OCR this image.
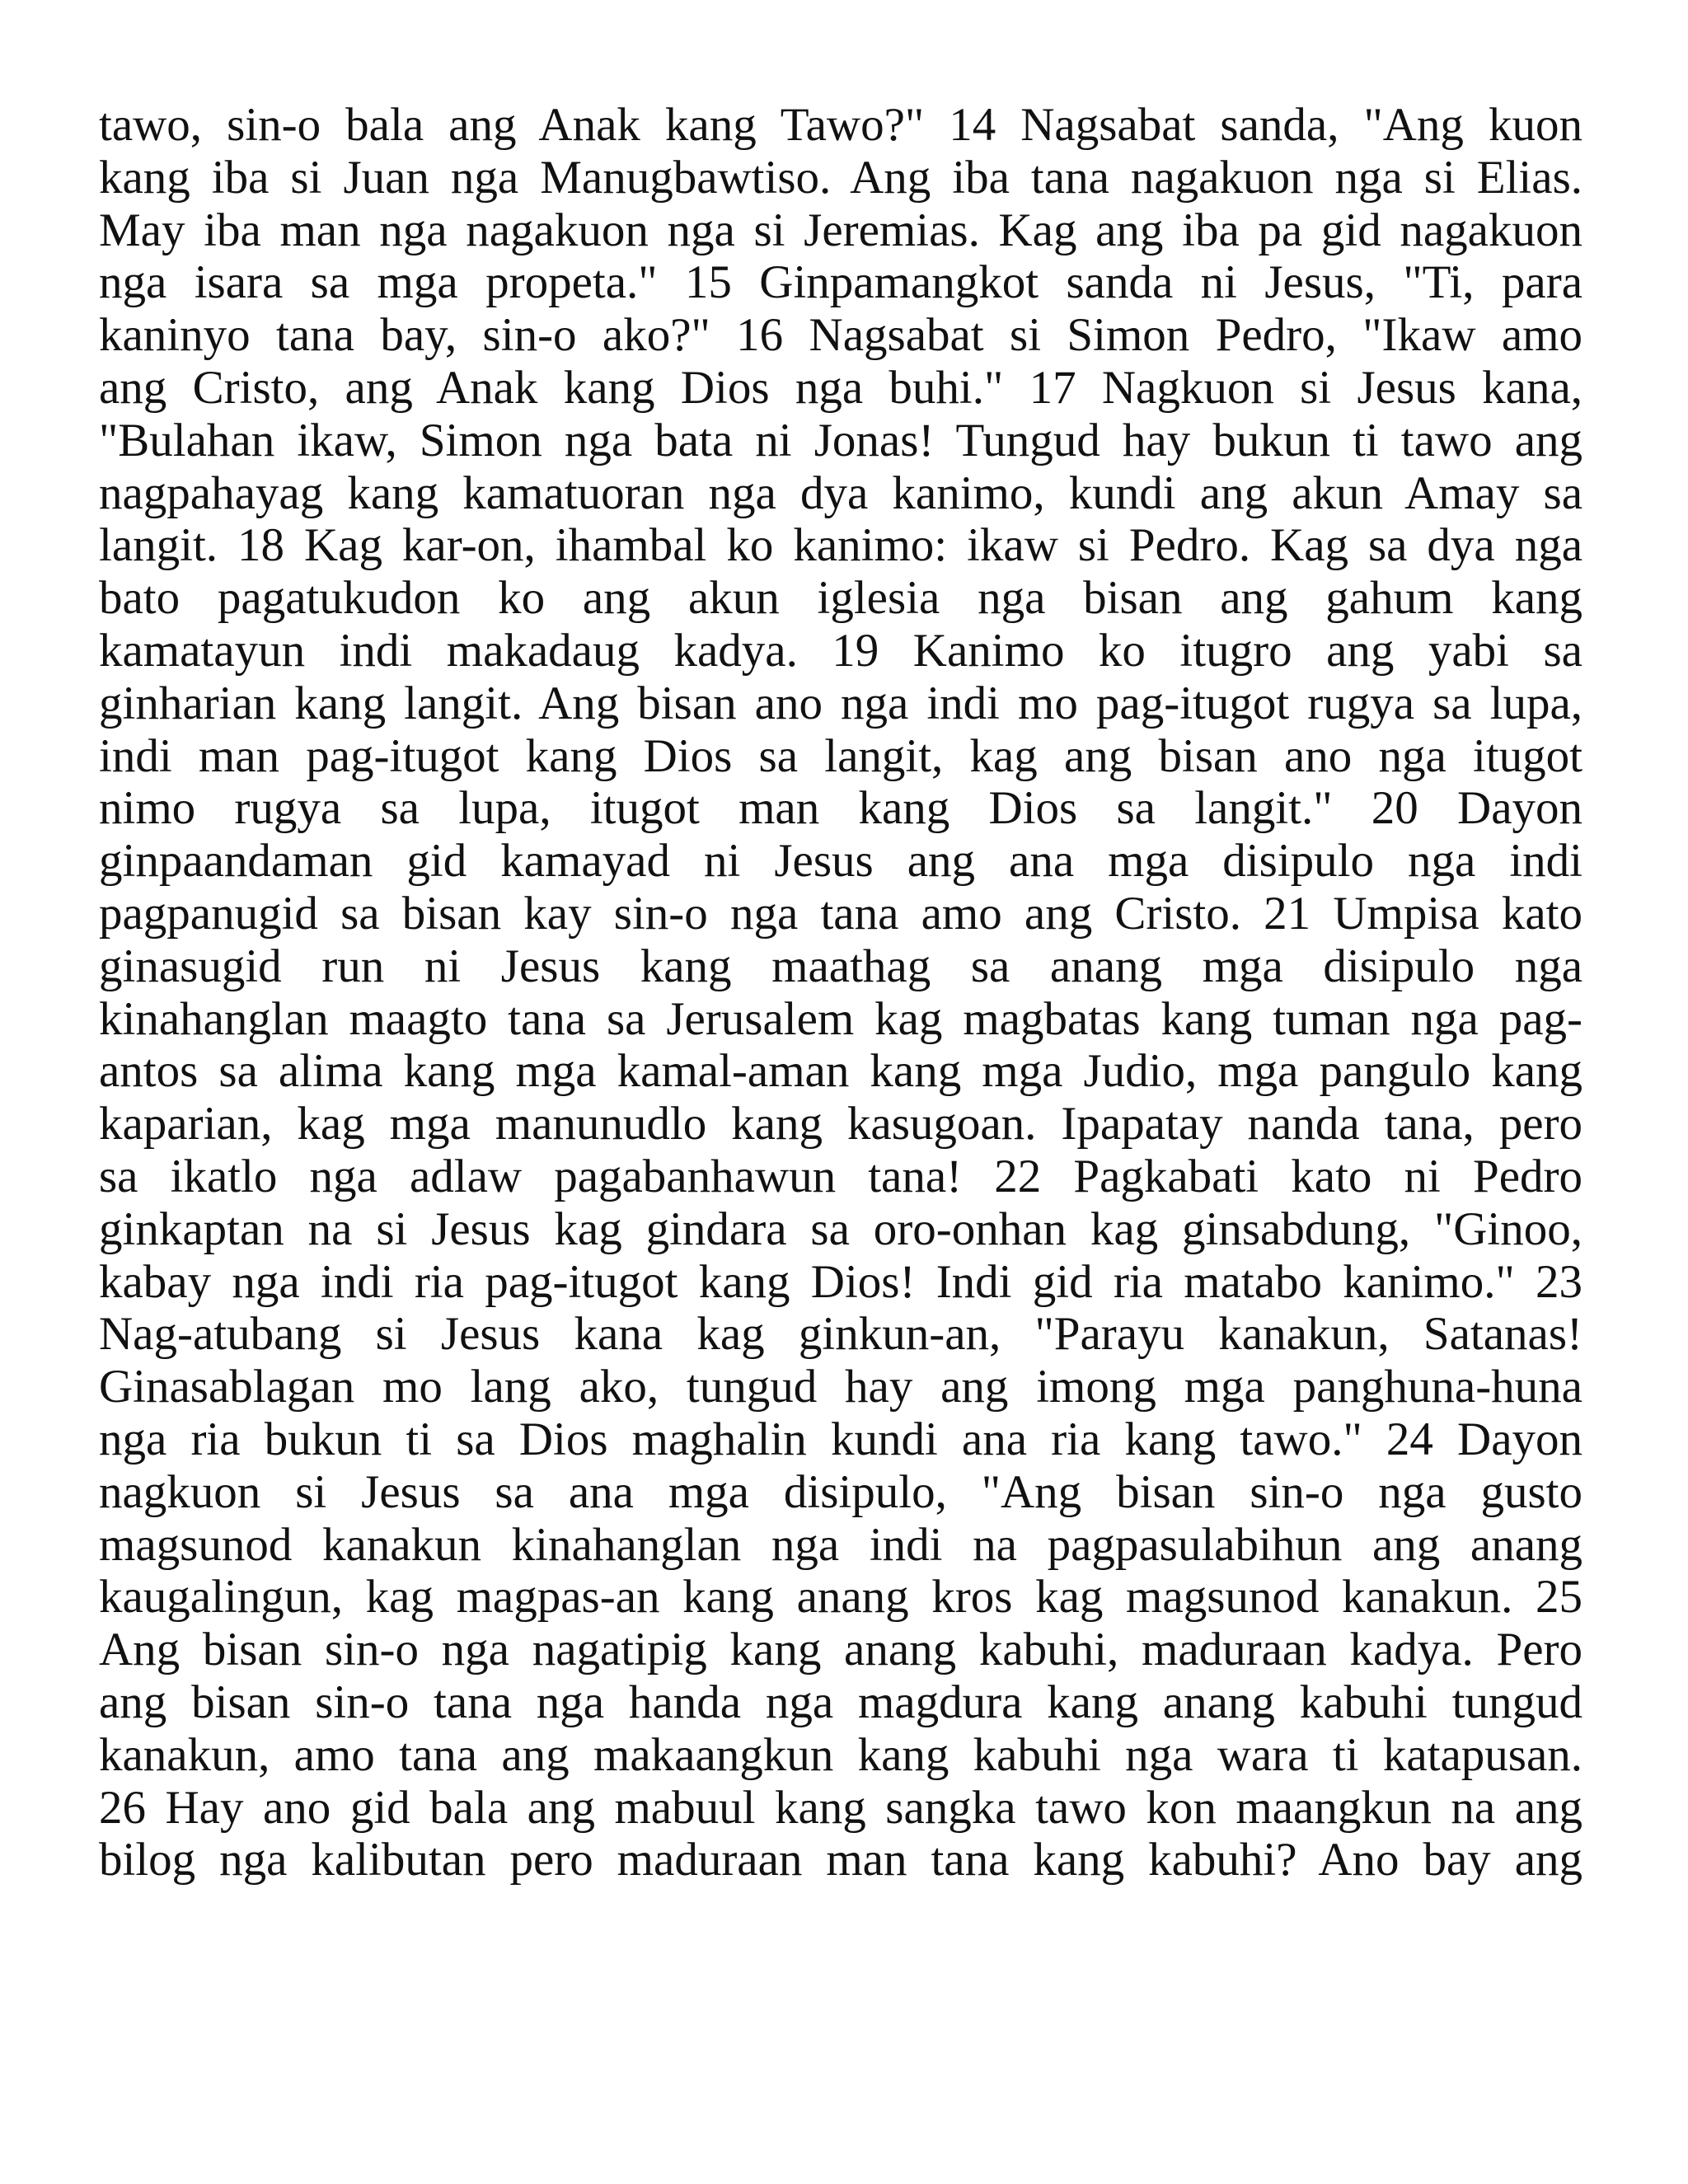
tawo, sin-o bala ang Anak kang Tawo?" 14 Nagsabat sanda, "Ang kuon
kang iba si Juan nga Manugbawtiso. Ang iba tana nagakuon nga si Elias.
May iba man nga nagakuon nga si Jeremias. Kag ang iba pa gid nagakuon
nga isara sa mga propeta." 15 Ginpamangkot sanda ni Jesus, "Ti, para
kaninyo tana bay, sin-o ako?" 16 Nagsabat si Simon Pedro, "Ikaw amo
ang Cristo, ang Anak kang Dios nga buhi." 17 Nagkuon si Jesus kana,
"Bulahan ikaw, Simon nga bata ni Jonas! Tungud hay bukun ti tawo ang
nagpahayag kang kamatuoran nga dya kanimo, kundi ang akun Amay sa
langit. 18 Kag kar-on, ihambal ko kanimo: ikaw si Pedro. Kag sa dya nga
bato pagatukudon ko ang akun iglesia nga bisan ang gahum kang
kamatayun indi makadaug kadya. 19 Kanimo ko itugro ang yabi sa
ginharian kang langit. Ang bisan ano nga indi mo pag-itugot rugya sa lupa,
indi man pag-itugot kang Dios sa langit, kag ang bisan ano nga itugot
nimo rugya sa lupa, itugot man kang Dios sa langit." 20 Dayon
ginpaandaman gid kamayad ni Jesus ang ana mga disipulo nga indi
pagpanugid sa bisan kay sin-o nga tana amo ang Cristo. 21 Umpisa kato
ginasugid run ni Jesus kang maathag sa anang mga disipulo nga
kinahanglan maagto tana sa Jerusalem kag magbatas kang tuman nga pag-
antos sa alima kang mga kamal-aman kang mga Judio, mga pangulo kang
kaparian, kag mga manunudlo kang kasugoan. Ipapatay nanda tana, pero
sa ikatlo nga adlaw pagabanhawun tana! 22 Pagkabati kato ni Pedro
ginkaptan na si Jesus kag gindara sa oro-onhan kag ginsabdung, "Ginoo,
kabay nga indi ria pag-itugot kang Dios! Indi gid ria matabo kanimo." 23
Nag-atubang si Jesus kana kag ginkun-an, "Parayu kanakun, Satanas!
Ginasablagan mo lang ako, tungud hay ang imong mga panghuna-huna
nga ria bukun ti sa Dios maghalin kundi ana ria kang tawo." 24 Dayon
nagkuon si Jesus sa ana mga disipulo, "Ang bisan sin-o nga gusto
magsunod kanakun kinahanglan nga indi na pagpasulabihun ang anang
kaugalingun, kag magpas-an kang anang kros kag magsunod kanakun. 25
Ang bisan sin-o nga nagatipig kang anang kabuhi, maduraan kadya. Pero
ang bisan sin-o tana nga handa nga magdura kang anang kabuhi tungud
kanakun, amo tana ang makaangkun kang kabuhi nga wara ti katapusan.
26 Hay ano gid bala ang mabuul kang sangka tawo kon maangkun na ang
bilog nga kalibutan pero maduraan man tana kang kabuhi? Ano bay ang
